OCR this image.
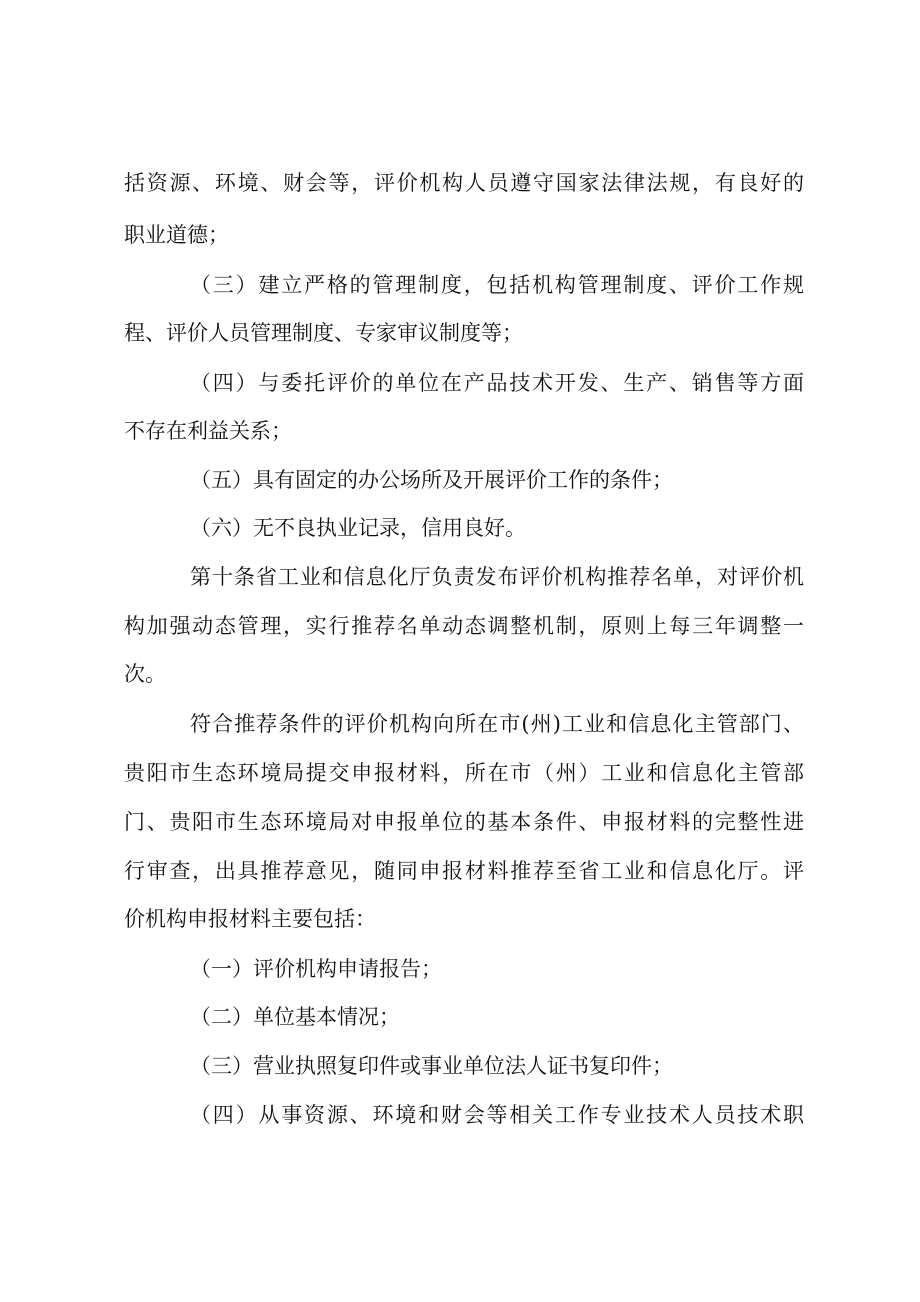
括资源、环境、财会等，评价机构人员遵守国家法律法规，有良好的
职业道德；
（三）建立严格的管理制度，包括机构管理制度、评价工作规
程、评价人员管理制度、专家审议制度等；
（四）与委托评价的单位在产品技术开发、生产、销售等方面
不存在利益关系；
（五）具有固定的办公场所及开展评价工作的条件；
（六）无不良执业记录，信用良好。
第十条省工业和信息化厅负责发布评价机构推荐名单，对评价机
构加强动态管理，实行推荐名单动态调整机制，原则上每三年调整一
次。
符合推荐条件的评价机构向所在市(州)工业和信息化主管部门、
贵阳市生态环境局提交申报材料，所在市（州）工业和信息化主管部
门、贵阳市生态环境局对申报单位的基本条件、申报材料的完整性进
行审查，出具推荐意见，随同申报材料推荐至省工业和信息化厅。评
价机构申报材料主要包括：
（一）评价机构申请报告；
（二）单位基本情况；
（三）营业执照复印件或事业单位法人证书复印件；
（四）从事资源、环境和财会等相关工作专业技术人员技术职
